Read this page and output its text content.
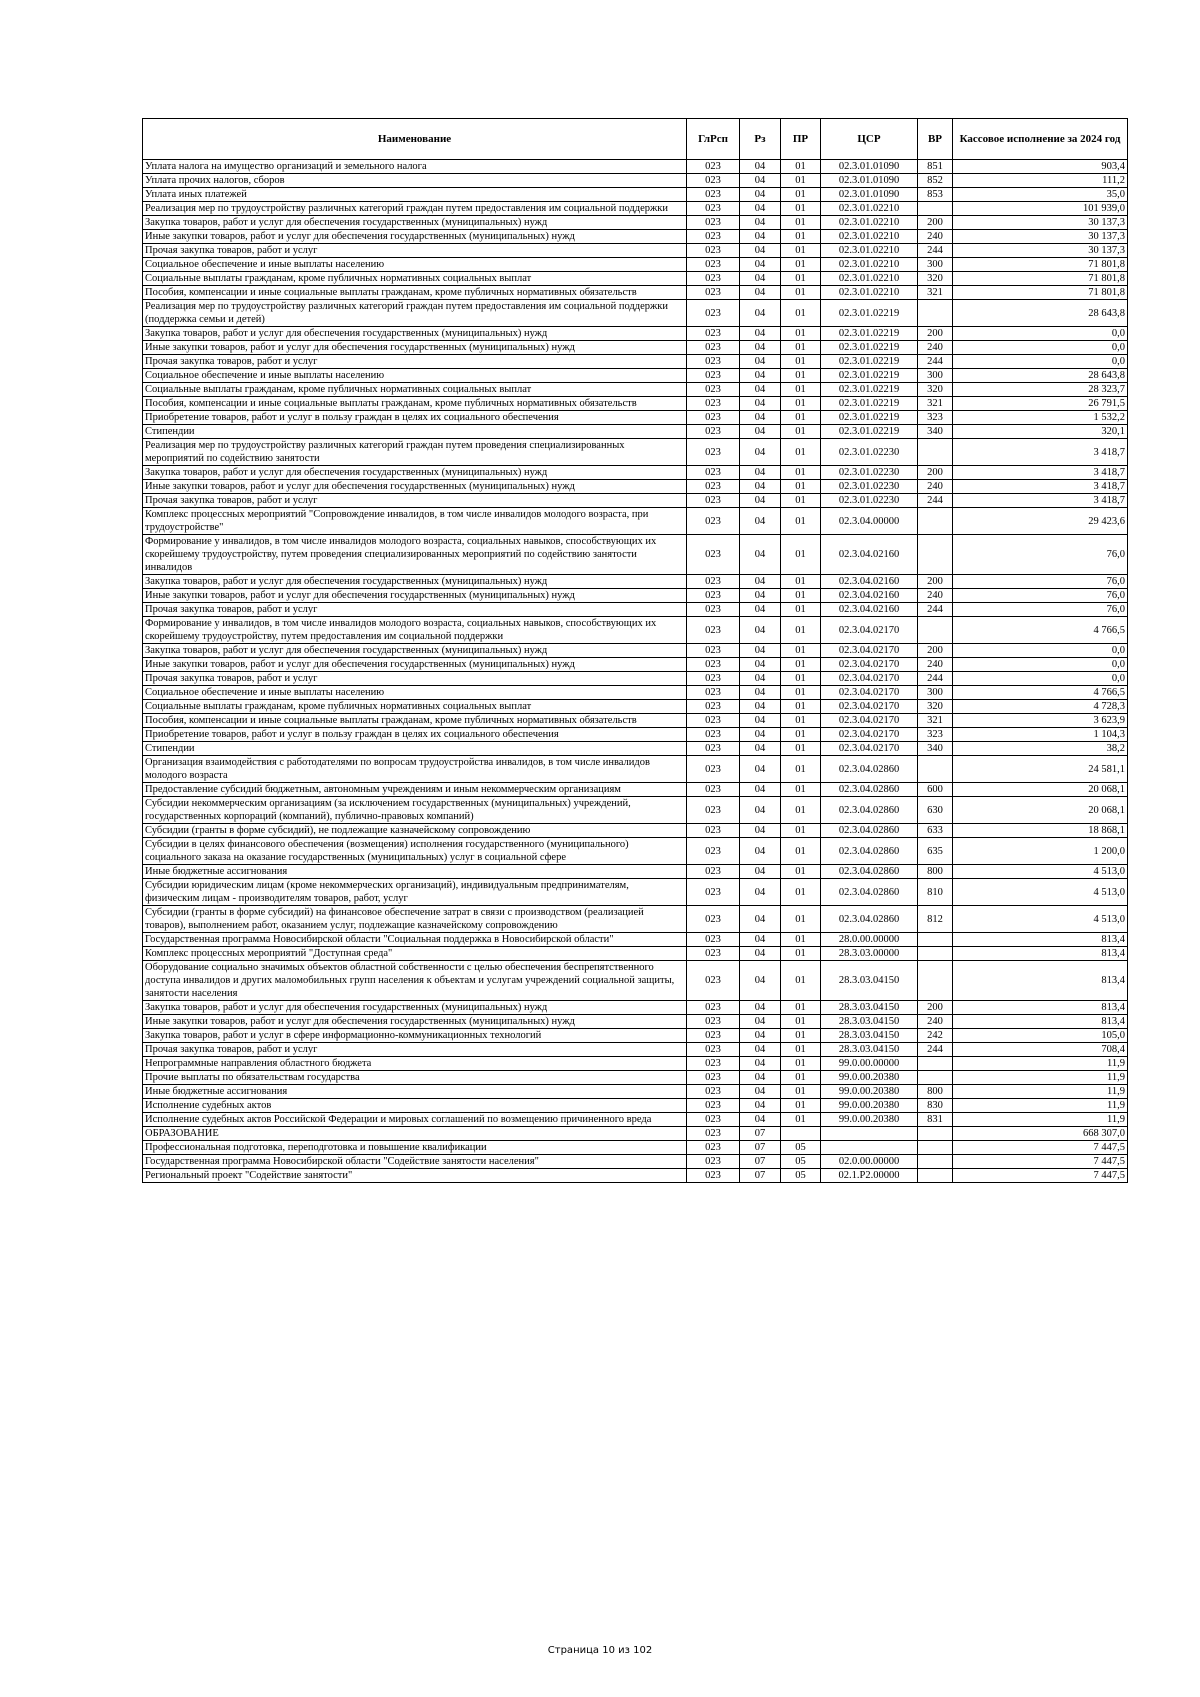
Наименование	ГлРсп	Рз	ПР	ЦСР	ВР	Кассовое исполнение за 2024 год
Уплата налога на имущество организаций и земельного налога	023	04	01	02.3.01.01090	851	903,4
Уплата прочих налогов, сборов	023	04	01	02.3.01.01090	852	111,2
Уплата иных платежей	023	04	01	02.3.01.01090	853	35,0
Реализация мер по трудоустройству различных категорий граждан путем предоставления им социальной поддержки	023	04	01	02.3.01.02210		101 939,0
Закупка товаров, работ и услуг для обеспечения государственных (муниципальных) нужд	023	04	01	02.3.01.02210	200	30 137,3
Иные закупки товаров, работ и услуг для обеспечения государственных (муниципальных) нужд	023	04	01	02.3.01.02210	240	30 137,3
Прочая закупка товаров, работ и услуг	023	04	01	02.3.01.02210	244	30 137,3
Социальное обеспечение и иные выплаты населению	023	04	01	02.3.01.02210	300	71 801,8
Социальные выплаты гражданам, кроме публичных нормативных социальных выплат	023	04	01	02.3.01.02210	320	71 801,8
Пособия, компенсации и иные социальные выплаты гражданам, кроме публичных нормативных обязательств	023	04	01	02.3.01.02210	321	71 801,8
Реализация мер по трудоустройству различных категорий граждан путем предоставления им социальной поддержки (поддержка семьи и детей)	023	04	01	02.3.01.02219		28 643,8
Закупка товаров, работ и услуг для обеспечения государственных (муниципальных) нужд	023	04	01	02.3.01.02219	200	0,0
Иные закупки товаров, работ и услуг для обеспечения государственных (муниципальных) нужд	023	04	01	02.3.01.02219	240	0,0
Прочая закупка товаров, работ и услуг	023	04	01	02.3.01.02219	244	0,0
Социальное обеспечение и иные выплаты населению	023	04	01	02.3.01.02219	300	28 643,8
Социальные выплаты гражданам, кроме публичных нормативных социальных выплат	023	04	01	02.3.01.02219	320	28 323,7
Пособия, компенсации и иные социальные выплаты гражданам, кроме публичных нормативных обязательств	023	04	01	02.3.01.02219	321	26 791,5
Приобретение товаров, работ и услуг в пользу граждан в целях их социального обеспечения	023	04	01	02.3.01.02219	323	1 532,2
Стипендии	023	04	01	02.3.01.02219	340	320,1
Реализация мер по трудоустройству различных категорий граждан путем проведения специализированных мероприятий по содействию занятости	023	04	01	02.3.01.02230		3 418,7
Закупка товаров, работ и услуг для обеспечения государственных (муниципальных) нужд	023	04	01	02.3.01.02230	200	3 418,7
Иные закупки товаров, работ и услуг для обеспечения государственных (муниципальных) нужд	023	04	01	02.3.01.02230	240	3 418,7
Прочая закупка товаров, работ и услуг	023	04	01	02.3.01.02230	244	3 418,7
Комплекс процессных мероприятий "Сопровождение инвалидов, в том числе инвалидов молодого возраста, при трудоустройстве"	023	04	01	02.3.04.00000		29 423,6
Формирование у инвалидов, в том числе инвалидов молодого возраста, социальных навыков, способствующих их скорейшему трудоустройству, путем проведения специализированных мероприятий по содействию занятости инвалидов	023	04	01	02.3.04.02160		76,0
Закупка товаров, работ и услуг для обеспечения государственных (муниципальных) нужд	023	04	01	02.3.04.02160	200	76,0
Иные закупки товаров, работ и услуг для обеспечения государственных (муниципальных) нужд	023	04	01	02.3.04.02160	240	76,0
Прочая закупка товаров, работ и услуг	023	04	01	02.3.04.02160	244	76,0
Формирование у инвалидов, в том числе инвалидов молодого возраста, социальных навыков, способствующих их скорейшему трудоустройству, путем предоставления им социальной поддержки	023	04	01	02.3.04.02170		4 766,5
Закупка товаров, работ и услуг для обеспечения государственных (муниципальных) нужд	023	04	01	02.3.04.02170	200	0,0
Иные закупки товаров, работ и услуг для обеспечения государственных (муниципальных) нужд	023	04	01	02.3.04.02170	240	0,0
Прочая закупка товаров, работ и услуг	023	04	01	02.3.04.02170	244	0,0
Социальное обеспечение и иные выплаты населению	023	04	01	02.3.04.02170	300	4 766,5
Социальные выплаты гражданам, кроме публичных нормативных социальных выплат	023	04	01	02.3.04.02170	320	4 728,3
Пособия, компенсации и иные социальные выплаты гражданам, кроме публичных нормативных обязательств	023	04	01	02.3.04.02170	321	3 623,9
Приобретение товаров, работ и услуг в пользу граждан в целях их социального обеспечения	023	04	01	02.3.04.02170	323	1 104,3
Стипендии	023	04	01	02.3.04.02170	340	38,2
Организация взаимодействия с работодателями по вопросам трудоустройства инвалидов, в том числе инвалидов молодого возраста	023	04	01	02.3.04.02860		24 581,1
Предоставление субсидий бюджетным, автономным учреждениям и иным некоммерческим организациям	023	04	01	02.3.04.02860	600	20 068,1
Субсидии некоммерческим организациям (за исключением государственных (муниципальных) учреждений, государственных корпораций (компаний), публично-правовых компаний)	023	04	01	02.3.04.02860	630	20 068,1
Субсидии (гранты в форме субсидий), не подлежащие казначейскому сопровождению	023	04	01	02.3.04.02860	633	18 868,1
Субсидии в целях финансового обеспечения (возмещения) исполнения государственного (муниципального) социального заказа на оказание государственных (муниципальных) услуг в социальной сфере	023	04	01	02.3.04.02860	635	1 200,0
Иные бюджетные ассигнования	023	04	01	02.3.04.02860	800	4 513,0
Субсидии юридическим лицам (кроме некоммерческих организаций), индивидуальным предпринимателям, физическим лицам - производителям товаров, работ, услуг	023	04	01	02.3.04.02860	810	4 513,0
Субсидии (гранты в форме субсидий) на финансовое обеспечение затрат в связи с производством (реализацией товаров), выполнением работ, оказанием услуг, подлежащие казначейскому сопровождению	023	04	01	02.3.04.02860	812	4 513,0
Государственная программа Новосибирской области "Социальная поддержка в Новосибирской области"	023	04	01	28.0.00.00000		813,4
Комплекс процессных мероприятий "Доступная среда"	023	04	01	28.3.03.00000		813,4
Оборудование социально значимых объектов областной собственности с целью обеспечения беспрепятственного доступа инвалидов и других маломобильных групп населения к объектам и услугам учреждений социальной защиты, занятости населения	023	04	01	28.3.03.04150		813,4
Закупка товаров, работ и услуг для обеспечения государственных (муниципальных) нужд	023	04	01	28.3.03.04150	200	813,4
Иные закупки товаров, работ и услуг для обеспечения государственных (муниципальных) нужд	023	04	01	28.3.03.04150	240	813,4
Закупка товаров, работ и услуг в сфере информационно-коммуникационных технологий	023	04	01	28.3.03.04150	242	105,0
Прочая закупка товаров, работ и услуг	023	04	01	28.3.03.04150	244	708,4
Непрограммные направления областного бюджета	023	04	01	99.0.00.00000		11,9
Прочие выплаты по обязательствам государства	023	04	01	99.0.00.20380		11,9
Иные бюджетные ассигнования	023	04	01	99.0.00.20380	800	11,9
Исполнение судебных актов	023	04	01	99.0.00.20380	830	11,9
Исполнение судебных актов Российской Федерации и мировых соглашений по возмещению причиненного вреда	023	04	01	99.0.00.20380	831	11,9
ОБРАЗОВАНИЕ	023	07				668 307,0
Профессиональная подготовка, переподготовка и повышение квалификации	023	07	05			7 447,5
Государственная программа Новосибирской области "Содействие занятости населения"	023	07	05	02.0.00.00000		7 447,5
Региональный проект "Содействие занятости"	023	07	05	02.1.P2.00000		7 447,5
Страница 10 из 102
